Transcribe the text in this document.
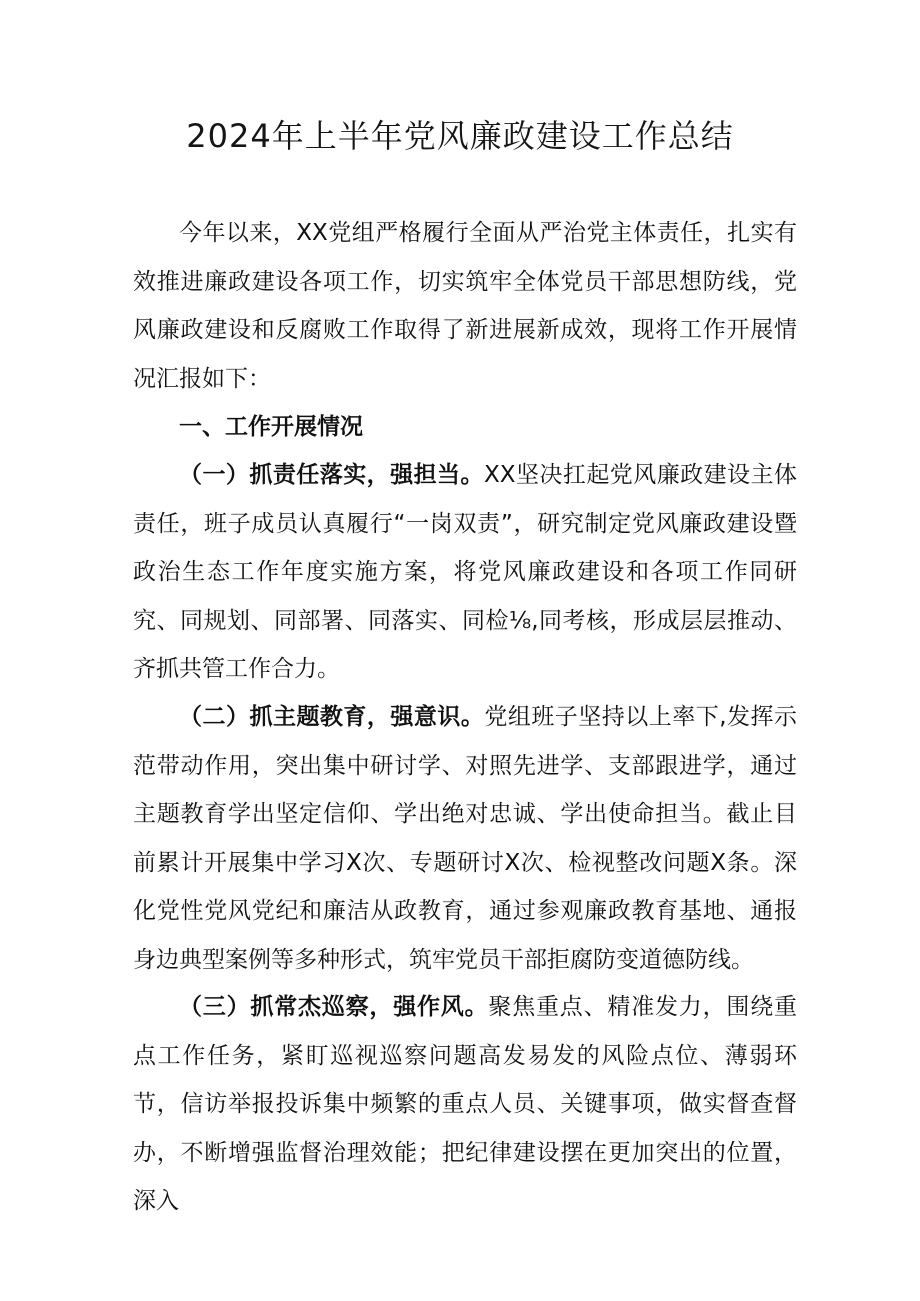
2024年上半年党风廉政建设工作总结

今年以来，XX党组严格履行全面从严治党主体责任，扎实有效推进廉政建设各项工作，切实筑牢全体党员干部思想防线，党风廉政建设和反腐败工作取得了新进展新成效，现将工作开展情况汇报如下：

一、工作开展情况

（一）抓责任落实，强担当。XX坚决扛起党风廉政建设主体责任，班子成员认真履行“一岗双责”，研究制定党风廉政建设暨政治生态工作年度实施方案，将党风廉政建设和各项工作同研究、同规划、同部署、同落实、同检⅛,同考核，形成层层推动、齐抓共管工作合力。

（二）抓主题教育，强意识。党组班子坚持以上率下,发挥示范带动作用，突出集中研讨学、对照先进学、支部跟进学，通过主题教育学出坚定信仰、学出绝对忠诚、学出使命担当。截止目前累计开展集中学习X次、专题研讨X次、检视整改问题X条。深化党性党风党纪和廉洁从政教育，通过参观廉政教育基地、通报身边典型案例等多种形式，筑牢党员干部拒腐防变道德防线。

（三）抓常杰巡察，强作风。聚焦重点、精准发力，围绕重点工作任务，紧盯巡视巡察问题高发易发的风险点位、薄弱环节，信访举报投诉集中频繁的重点人员、关键事项，做实督查督办，不断增强监督治理效能；把纪律建设摆在更加突出的位置，深入
